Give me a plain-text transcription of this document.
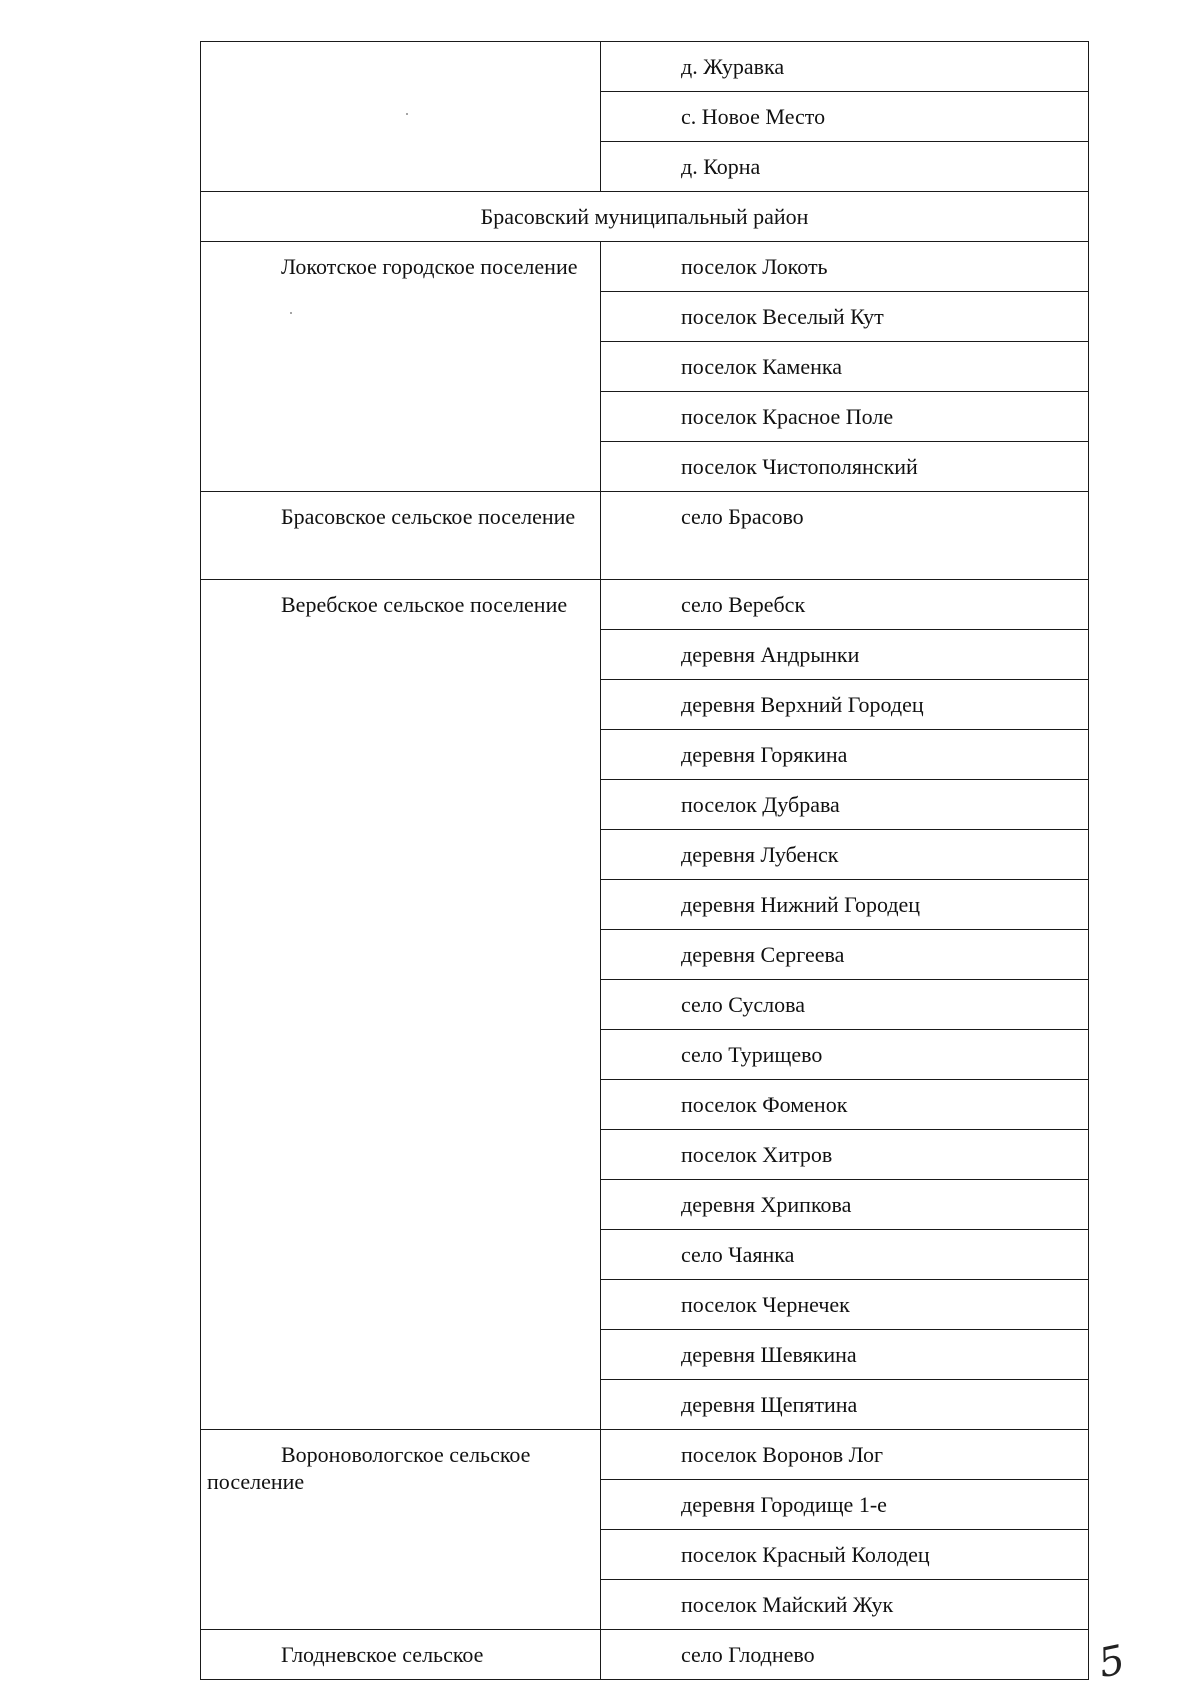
	д. Журавка
	с. Новое Место
	д. Корна
Брасовский муниципальный район	

Локотское городское поселение	поселок Локоть
	поселок Веселый Кут
	поселок Каменка
	поселок Красное Поле
	поселок Чистополянский

Брасовское сельское поселение	село Брасово

Веребское сельское поселение	село Веребск
	деревня Андрынки
	деревня Верхний Городец
	деревня Горякина
	поселок Дубрава
	деревня Лубенск
	деревня Нижний Городец
	деревня Сергеева
	село Суслова
	село Турищево
	поселок Фоменок
	поселок Хитров
	деревня Хрипкова
	село Чаянка
	поселок Чернечек
	деревня Шевякина
	деревня Щепятина

Вороновологское сельское поселение	поселок Воронов Лог
	деревня Городище 1-е
	поселок Красный Колодец
	поселок Майский Жук

Глодневское сельское	село Глоднево	5
